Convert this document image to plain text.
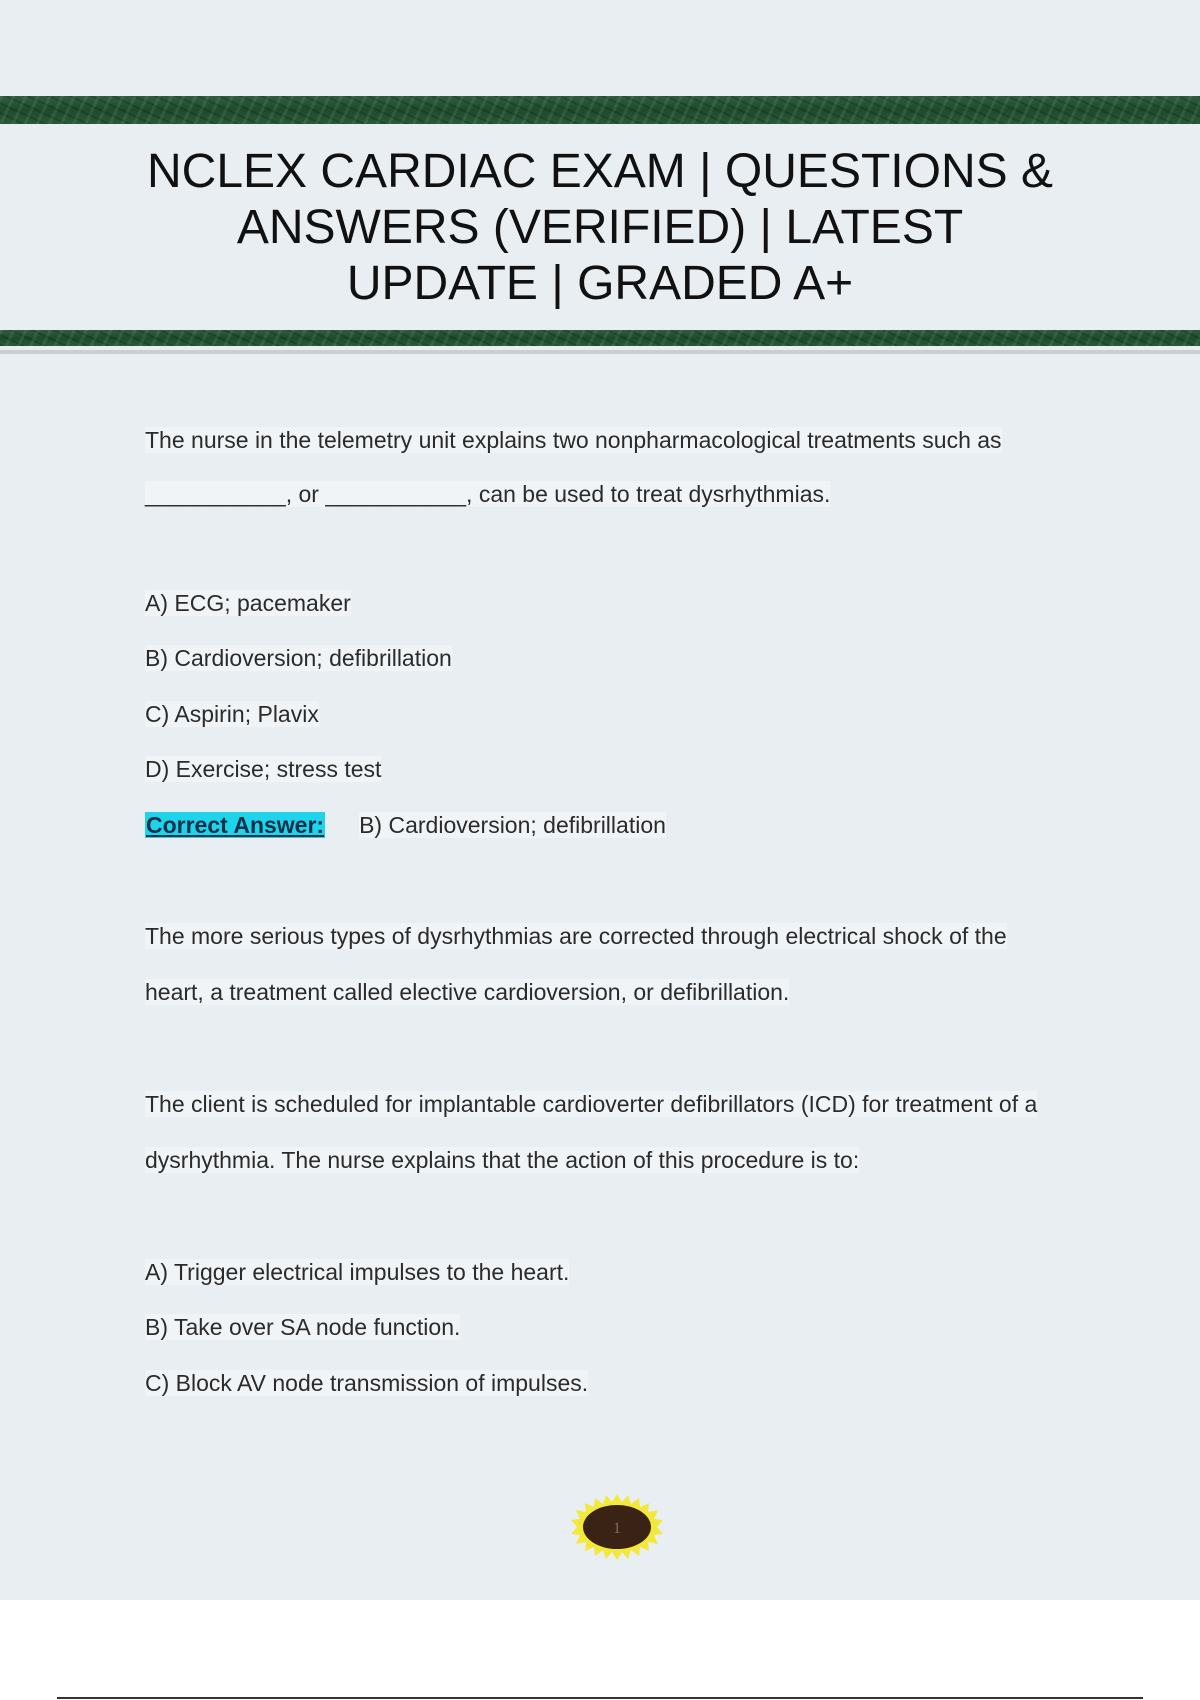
NCLEX CARDIAC EXAM | QUESTIONS &
ANSWERS (VERIFIED) | LATEST
UPDATE | GRADED A+
The nurse in the telemetry unit explains two nonpharmacological treatments such as
___________, or ___________, can be used to treat dysrhythmias.
A) ECG; pacemaker
B) Cardioversion; defibrillation
C) Aspirin; Plavix
D) Exercise; stress test
Correct Answer: B) Cardioversion; defibrillation
The more serious types of dysrhythmias are corrected through electrical shock of the
heart, a treatment called elective cardioversion, or defibrillation.
The client is scheduled for implantable cardioverter defibrillators (ICD) for treatment of a
dysrhythmia. The nurse explains that the action of this procedure is to:
A) Trigger electrical impulses to the heart.
B) Take over SA node function.
C) Block AV node transmission of impulses.
1
